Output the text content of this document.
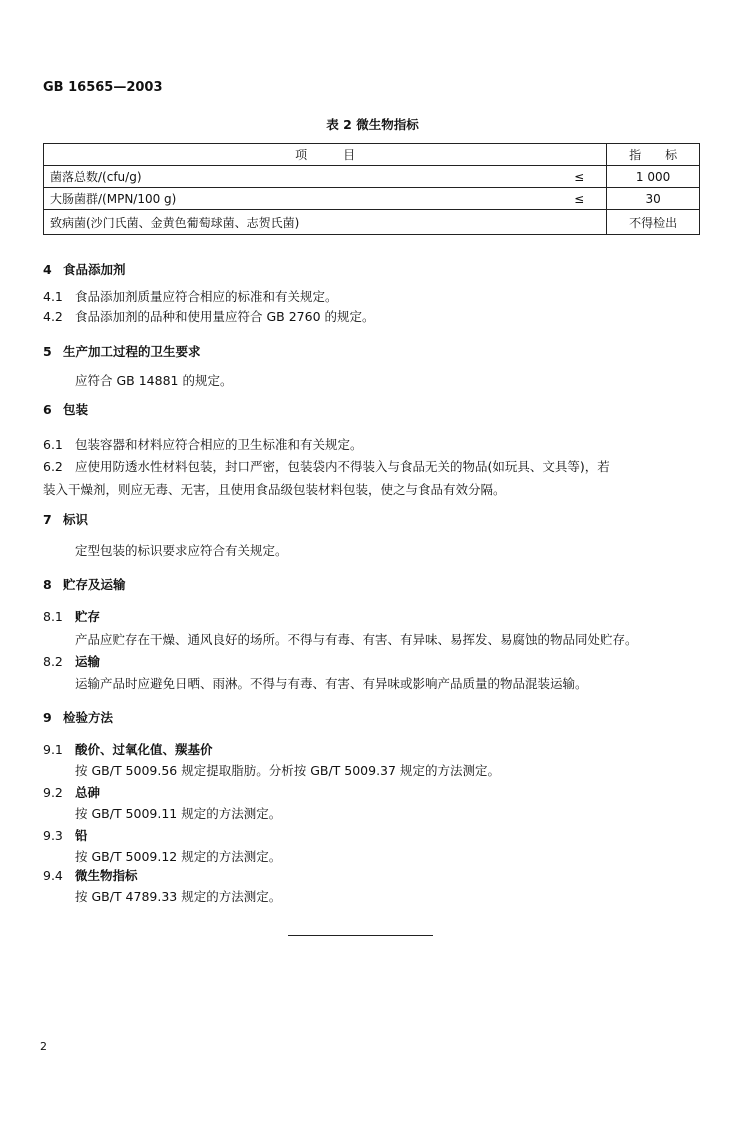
GB 16565—2003
表 2 微生物指标
项　　　目		指　　标
菌落总数/(cfu/g)	≤	1 000
大肠菌群/(MPN/100 g)	≤	30
致病菌(沙门氏菌、金黄色葡萄球菌、志贺氏菌)		不得检出
4 食品添加剂
4.1 食品添加剂质量应符合相应的标准和有关规定。
4.2 食品添加剂的品种和使用量应符合 GB 2760 的规定。
5 生产加工过程的卫生要求
应符合 GB 14881 的规定。
6 包装
6.1 包装容器和材料应符合相应的卫生标准和有关规定。
6.2 应使用防透水性材料包装，封口严密，包装袋内不得装入与食品无关的物品(如玩具、文具等)，若
装入干燥剂，则应无毒、无害，且使用食品级包装材料包装，使之与食品有效分隔。
7 标识
定型包装的标识要求应符合有关规定。
8 贮存及运输
8.1 贮存
产品应贮存在干燥、通风良好的场所。不得与有毒、有害、有异味、易挥发、易腐蚀的物品同处贮存。
8.2 运输
运输产品时应避免日晒、雨淋。不得与有毒、有害、有异味或影响产品质量的物品混装运输。
9 检验方法
9.1 酸价、过氧化值、羰基价
按 GB/T 5009.56 规定提取脂肪。分析按 GB/T 5009.37 规定的方法测定。
9.2 总砷
按 GB/T 5009.11 规定的方法测定。
9.3 铅
按 GB/T 5009.12 规定的方法测定。
9.4 微生物指标
按 GB/T 4789.33 规定的方法测定。
2
